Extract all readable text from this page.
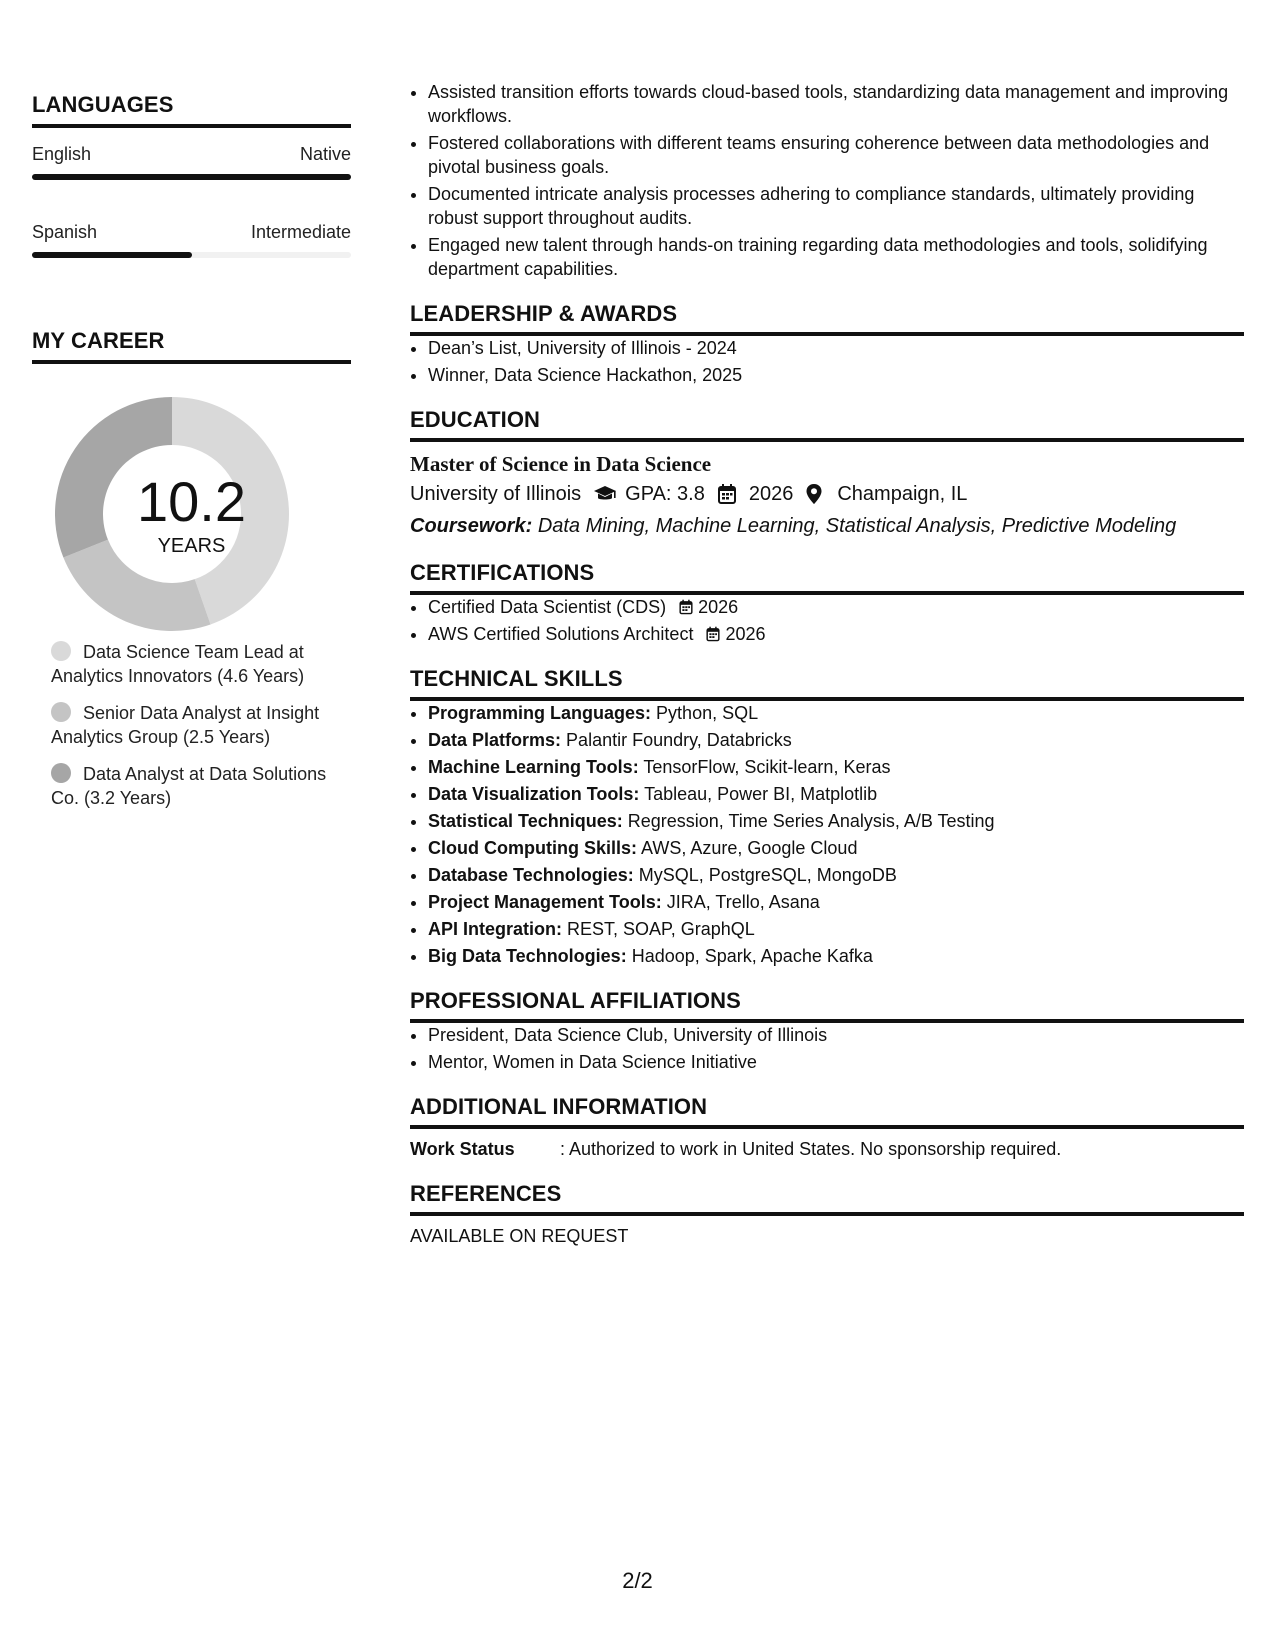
LANGUAGES
English	Native
Spanish	Intermediate
MY CAREER
10.2
YEARS
Data Science Team Lead at Analytics Innovators (4.6 Years)
Senior Data Analyst at Insight Analytics Group (2.5 Years)
Data Analyst at Data Solutions Co. (3.2 Years)
• Assisted transition efforts towards cloud-based tools, standardizing data management and improving workflows.
• Fostered collaborations with different teams ensuring coherence between data methodologies and pivotal business goals.
• Documented intricate analysis processes adhering to compliance standards, ultimately providing robust support throughout audits.
• Engaged new talent through hands-on training regarding data methodologies and tools, solidifying department capabilities.
LEADERSHIP & AWARDS
• Dean’s List, University of Illinois - 2024
• Winner, Data Science Hackathon, 2025
EDUCATION
Master of Science in Data Science
University of Illinois GPA: 3.8 2026 Champaign, IL
Coursework: Data Mining, Machine Learning, Statistical Analysis, Predictive Modeling
CERTIFICATIONS
• Certified Data Scientist (CDS) 2026
• AWS Certified Solutions Architect 2026
TECHNICAL SKILLS
• Programming Languages: Python, SQL
• Data Platforms: Palantir Foundry, Databricks
• Machine Learning Tools: TensorFlow, Scikit-learn, Keras
• Data Visualization Tools: Tableau, Power BI, Matplotlib
• Statistical Techniques: Regression, Time Series Analysis, A/B Testing
• Cloud Computing Skills: AWS, Azure, Google Cloud
• Database Technologies: MySQL, PostgreSQL, MongoDB
• Project Management Tools: JIRA, Trello, Asana
• API Integration: REST, SOAP, GraphQL
• Big Data Technologies: Hadoop, Spark, Apache Kafka
PROFESSIONAL AFFILIATIONS
• President, Data Science Club, University of Illinois
• Mentor, Women in Data Science Initiative
ADDITIONAL INFORMATION
Work Status	: Authorized to work in United States. No sponsorship required.
REFERENCES
AVAILABLE ON REQUEST
2/2
